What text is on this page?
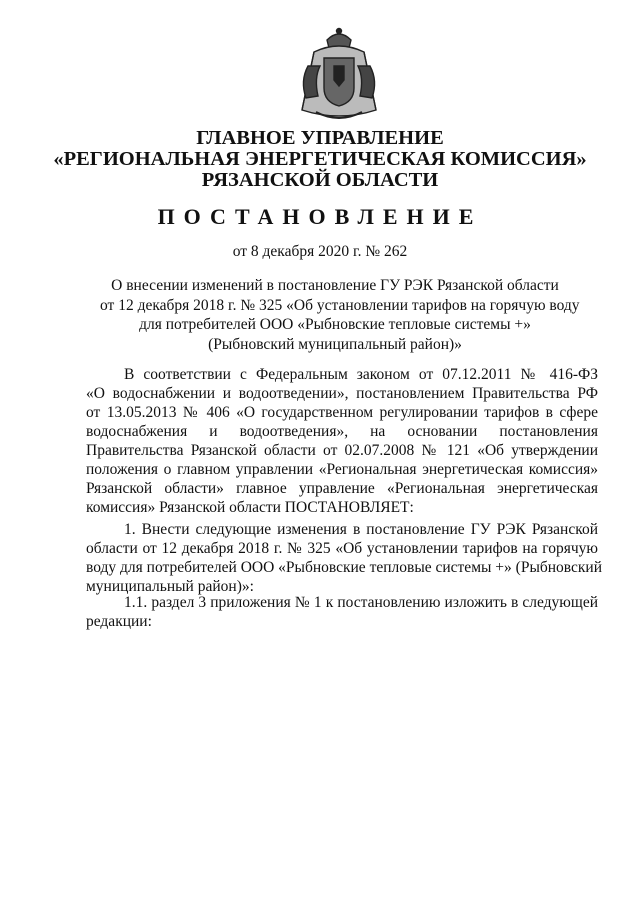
ГЛАВНОЕ УПРАВЛЕНИЕ
«РЕГИОНАЛЬНАЯ ЭНЕРГЕТИЧЕСКАЯ КОМИССИЯ»
РЯЗАНСКОЙ ОБЛАСТИ
ПОСТАНОВЛЕНИЕ
от 8 декабря 2020 г. № 262
О внесении изменений в постановление ГУ РЭК Рязанской области
от 12 декабря 2018 г. № 325 «Об установлении тарифов на горячую воду
для потребителей ООО «Рыбновские тепловые системы +»
(Рыбновский муниципальный район)»
В соответствии с Федеральным законом от 07.12.2011 № 416-ФЗ
«О водоснабжении и водоотведении», постановлением Правительства РФ
от 13.05.2013 № 406 «О государственном регулировании тарифов в сфере
водоснабжения и водоотведения», на основании постановления
Правительства Рязанской области от 02.07.2008 № 121 «Об утверждении
положения о главном управлении «Региональная энергетическая комиссия»
Рязанской области» главное управление «Региональная энергетическая
комиссия» Рязанской области ПОСТАНОВЛЯЕТ:
1. Внести следующие изменения в постановление ГУ РЭК Рязанской
области от 12 декабря 2018 г. № 325 «Об установлении тарифов на горячую
воду для потребителей ООО «Рыбновские тепловые системы +» (Рыбновский
муниципальный район)»:
1.1. раздел 3 приложения № 1 к постановлению изложить в следующей
редакции:
